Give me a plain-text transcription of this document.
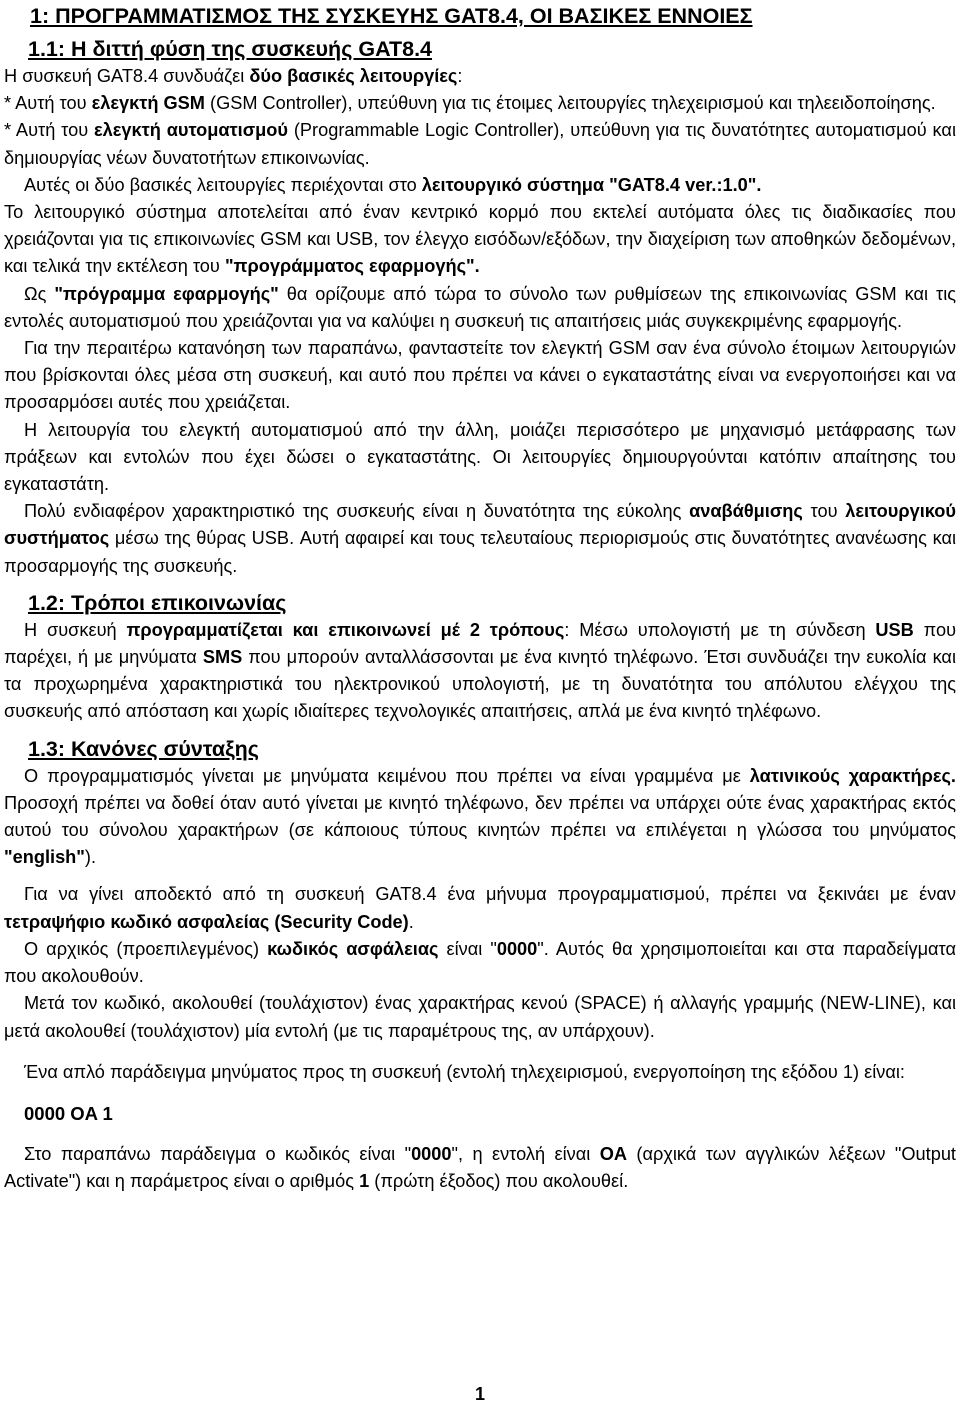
1: ΠΡΟΓΡΑΜΜΑΤΙΣΜΟΣ ΤΗΣ ΣΥΣΚΕΥΗΣ GAT8.4, ΟΙ ΒΑΣΙΚΕΣ ΕΝΝΟΙΕΣ
1.1: Η διττή φύση της συσκευής GAT8.4

Η συσκευή GAT8.4 συνδυάζει δύο βασικές λειτουργίες:

* Αυτή του ελεγκτή GSM (GSM Controller), υπεύθυνη για τις έτοιμες λειτουργίες τηλεχειρισμού και τηλεειδοποίησης.

* Αυτή του ελεγκτή αυτοματισμού (Programmable Logic Controller), υπεύθυνη για τις δυνατότητες αυτοματισμού και δημιουργίας νέων δυνατοτήτων επικοινωνίας.

Αυτές οι δύο βασικές λειτουργίες περιέχονται στο λειτουργικό σύστημα "GAT8.4 ver.:1.0".

Το λειτουργικό σύστημα αποτελείται από έναν κεντρικό κορμό που εκτελεί αυτόματα όλες τις διαδικασίες που χρειάζονται για τις επικοινωνίες GSM και USB, τον έλεγχο εισόδων/εξόδων, την διαχείριση των αποθηκών δεδομένων, και τελικά την εκτέλεση του "προγράμματος εφαρμογής".

Ως "πρόγραμμα εφαρμογής" θα ορίζουμε από τώρα το σύνολο των ρυθμίσεων της επικοινωνίας GSM και τις εντολές αυτοματισμού που χρειάζονται για να καλύψει η συσκευή τις απαιτήσεις μιάς συγκεκριμένης εφαρμογής.

Για την περαιτέρω κατανόηση των παραπάνω, φανταστείτε τον ελεγκτή GSM σαν ένα σύνολο έτοιμων λειτουργιών που βρίσκονται όλες μέσα στη συσκευή, και αυτό που πρέπει να κάνει ο εγκαταστάτης είναι να ενεργοποιήσει και να προσαρμόσει αυτές που χρειάζεται.

Η λειτουργία του ελεγκτή αυτοματισμού από την άλλη, μοιάζει περισσότερο με μηχανισμό μετάφρασης των πράξεων και εντολών που έχει δώσει ο εγκαταστάτης. Οι λειτουργίες δημιουργούνται κατόπιν απαίτησης του εγκαταστάτη.

Πολύ ενδιαφέρον χαρακτηριστικό της συσκευής είναι η δυνατότητα της εύκολης αναβάθμισης του λειτουργικού συστήματος μέσω της θύρας USB. Αυτή αφαιρεί και τους τελευταίους περιορισμούς στις δυνατότητες ανανέωσης και προσαρμογής της συσκευής.

1.2: Τρόποι επικοινωνίας

Η συσκευή προγραμματίζεται και επικοινωνεί μέ 2 τρόπους: Μέσω υπολογιστή με τη σύνδεση USB που παρέχει, ή με μηνύματα SMS που μπορούν ανταλλάσσονται με ένα κινητό τηλέφωνο. Έτσι συνδυάζει την ευκολία και τα προχωρημένα χαρακτηριστικά του ηλεκτρονικού υπολογιστή, με τη δυνατότητα του απόλυτου ελέγχου της συσκευής από απόσταση και χωρίς ιδιαίτερες τεχνολογικές απαιτήσεις, απλά με ένα κινητό τηλέφωνο.

1.3: Κανόνες σύνταξης

Ο προγραμματισμός γίνεται με μηνύματα κειμένου που πρέπει να είναι γραμμένα με λατινικούς χαρακτήρες. Προσοχή πρέπει να δοθεί όταν αυτό γίνεται με κινητό τηλέφωνο, δεν πρέπει να υπάρχει ούτε ένας χαρακτήρας εκτός αυτού του σύνολου χαρακτήρων (σε κάποιους τύπους κινητών πρέπει να επιλέγεται η γλώσσα του μηνύματος "english").

Για να γίνει αποδεκτό από τη συσκευή GAT8.4 ένα μήνυμα προγραμματισμού, πρέπει να ξεκινάει με έναν τετραψήφιο κωδικό ασφαλείας (Security Code).

Ο αρχικός (προεπιλεγμένος) κωδικός ασφάλειας είναι "0000". Αυτός θα χρησιμοποιείται και στα παραδείγματα που ακολουθούν.

Μετά τον κωδικό, ακολουθεί (τουλάχιστον) ένας χαρακτήρας κενού (SPACE) ή αλλαγής γραμμής (NEW-LINE), και μετά ακολουθεί (τουλάχιστον) μία εντολή (με τις παραμέτρους της, αν υπάρχουν).

Ένα απλό παράδειγμα μηνύματος προς τη συσκευή (εντολή τηλεχειρισμού, ενεργοποίηση της εξόδου 1) είναι:

0000 OA 1

Στο παραπάνω παράδειγμα ο κωδικός είναι "0000", η εντολή είναι OA (αρχικά των αγγλικών λέξεων "Output Activate") και η παράμετρος είναι ο αριθμός 1 (πρώτη έξοδος) που ακολουθεί.

1
